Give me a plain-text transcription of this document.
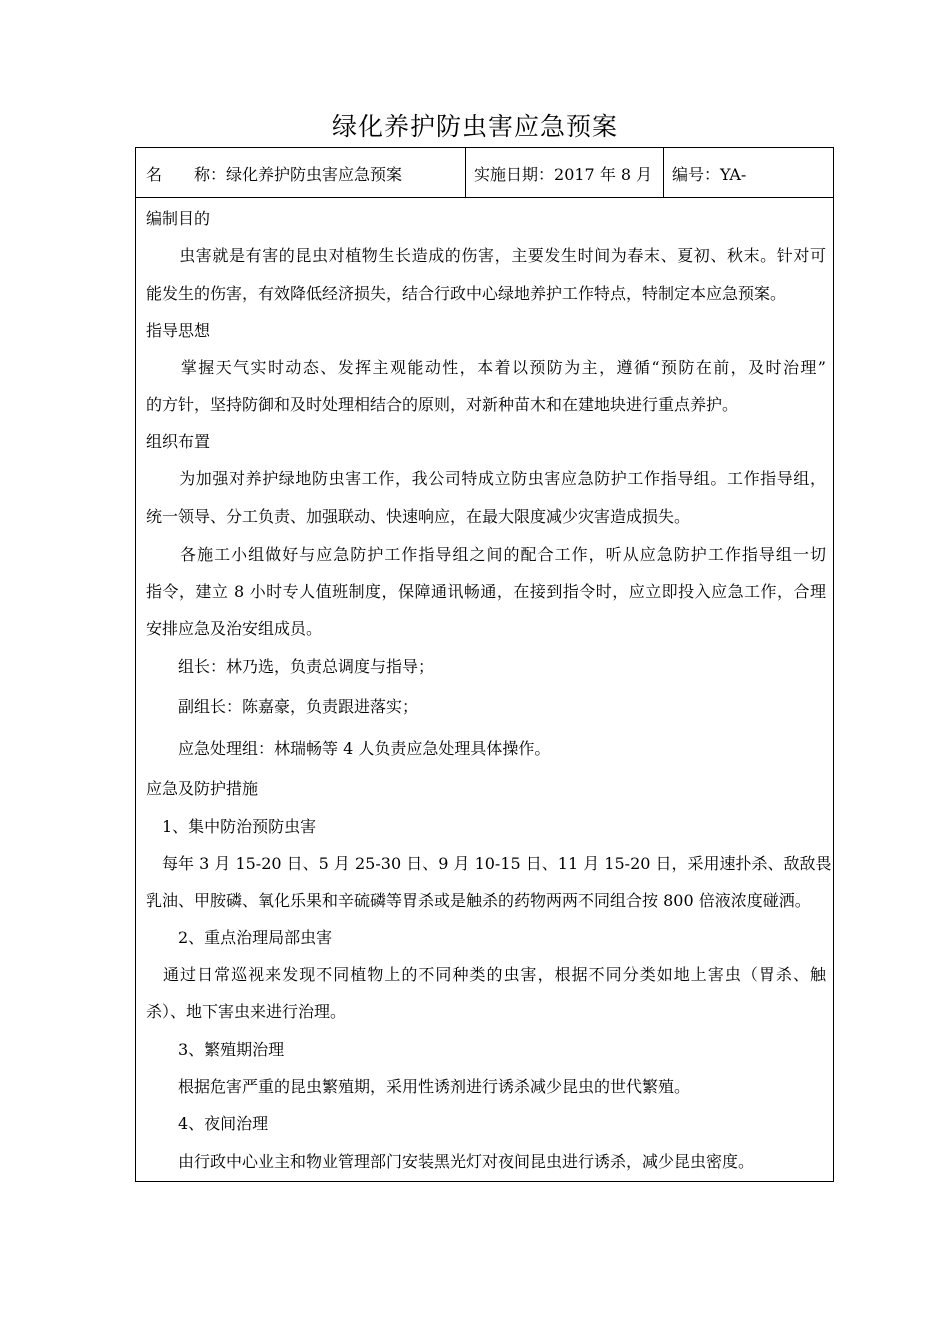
绿化养护防虫害应急预案
名　　称：绿化养护防虫害应急预案	实施日期：2017 年 8 月 编号：YA-
编制目的
　　虫害就是有害的昆虫对植物生长造成的伤害，主要发生时间为春末、夏初、秋末。针对可
能发生的伤害，有效降低经济损失，结合行政中心绿地养护工作特点，特制定本应急预案。
指导思想
　　掌握天气实时动态、发挥主观能动性，本着以预防为主，遵循“预防在前，及时治理”
的方针，坚持防御和及时处理相结合的原则，对新种苗木和在建地块进行重点养护。
组织布置
　　为加强对养护绿地防虫害工作，我公司特成立防虫害应急防护工作指导组。工作指导组，
统一领导、分工负责、加强联动、快速响应，在最大限度减少灾害造成损失。
　　各施工小组做好与应急防护工作指导组之间的配合工作，听从应急防护工作指导组一切
指令，建立 8 小时专人值班制度，保障通讯畅通，在接到指令时，应立即投入应急工作，合理
安排应急及治安组成员。
　　组长：林乃选，负责总调度与指导；
　　副组长：陈嘉豪，负责跟进落实；
　　应急处理组：林瑞畅等 4 人负责应急处理具体操作。
应急及防护措施
　1、集中防治预防虫害
　每年 3 月 15-20 日、5 月 25-30 日、9 月 10-15 日、11 月 15-20 日，采用速扑杀、敌敌畏
乳油、甲胺磷、氧化乐果和辛硫磷等胃杀或是触杀的药物两两不同组合按 800 倍液浓度碰洒。
　　2、重点治理局部虫害
　通过日常巡视来发现不同植物上的不同种类的虫害，根据不同分类如地上害虫（胃杀、触
杀）、地下害虫来进行治理。
　　3、繁殖期治理
　　根据危害严重的昆虫繁殖期，采用性诱剂进行诱杀减少昆虫的世代繁殖。
　　4、夜间治理
　　由行政中心业主和物业管理部门安装黑光灯对夜间昆虫进行诱杀，减少昆虫密度。
